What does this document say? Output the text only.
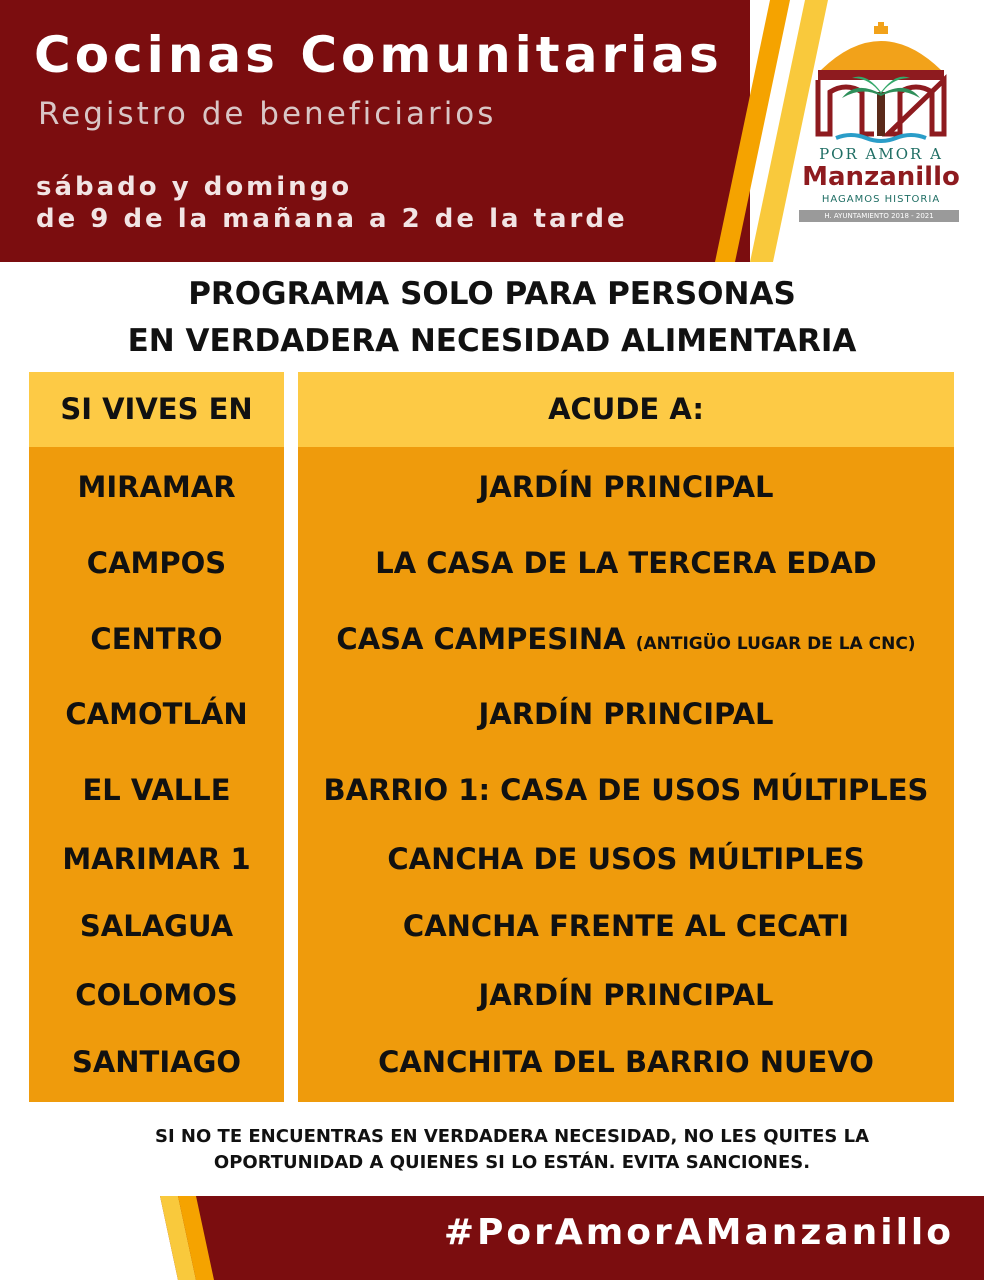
Cocinas Comunitarias
Registro de beneficiarios
sábado y domingo
de 9 de la mañana a 2 de la tarde
POR AMOR A
Manzanillo
HAGAMOS HISTORIA
H. AYUNTAMIENTO 2018 - 2021
PROGRAMA SOLO PARA PERSONAS
EN VERDADERA NECESIDAD ALIMENTARIA
SI VIVES EN
MIRAMAR
CAMPOS
CENTRO
CAMOTLÁN
EL VALLE
MARIMAR 1
SALAGUA
COLOMOS
SANTIAGO
ACUDE A:
JARDÍN PRINCIPAL
LA CASA DE LA TERCERA EDAD
CASA CAMPESINA (ANTIGÜO LUGAR DE LA CNC)
JARDÍN PRINCIPAL
BARRIO 1: CASA DE USOS MÚLTIPLES
CANCHA DE USOS MÚLTIPLES
CANCHA FRENTE AL CECATI
JARDÍN PRINCIPAL
CANCHITA DEL BARRIO NUEVO
SI NO TE ENCUENTRAS EN VERDADERA NECESIDAD, NO LES QUITES LA
OPORTUNIDAD A QUIENES SI LO ESTÁN. EVITA SANCIONES.
#PorAmorAManzanillo
